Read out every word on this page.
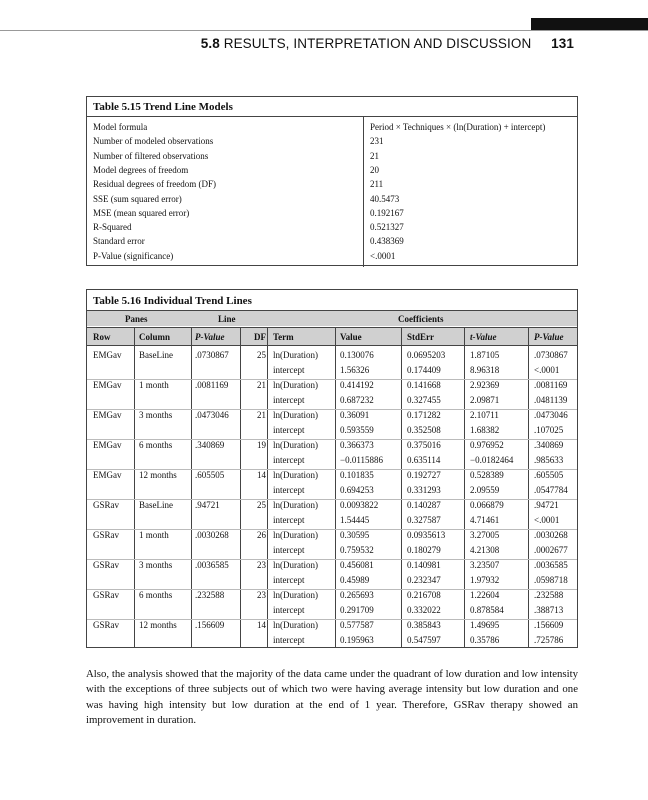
5.8 RESULTS, INTERPRETATION AND DISCUSSION 131
Table 5.15 Trend Line Models
Model formula	Period × Techniques × (ln(Duration) + intercept)
Number of modeled observations	231
Number of filtered observations	21
Model degrees of freedom	20
Residual degrees of freedom (DF)	211
SSE (sum squared error)	40.5473
MSE (mean squared error)	0.192167
R-Squared	0.521327
Standard error	0.438369
P-Value (significance)	<.0001
Table 5.16 Individual Trend Lines
Panes	Line	Coefficients
Row	Column	P-Value	DF Term	Value	StdErr	t-Value	P-Value
EMGav	BaseLine	.0730867	25 ln(Duration)	0.130076	0.0695203	1.87105	.0730867
intercept	1.56326	0.174409	8.96318	<.0001
EMGav	1 month	.0081169	21 ln(Duration)	0.414192	0.141668	2.92369	.0081169
intercept	0.687232	0.327455	2.09871	.0481139
EMGav	3 months	.0473046	21 ln(Duration)	0.36091	0.171282	2.10711	.0473046
intercept	0.593559	0.352508	1.68382	.107025
EMGav	6 months	.340869	19 ln(Duration)	0.366373	0.375016	0.976952	.340869
intercept	−0.0115886	0.635114	−0.0182464	.985633
EMGav	12 months	.605505	14 ln(Duration)	0.101835	0.192727	0.528389	.605505
intercept	0.694253	0.331293	2.09559	.0547784
GSRav	BaseLine	.94721	25 ln(Duration)	0.0093822	0.140287	0.066879	.94721
intercept	1.54445	0.327587	4.71461	<.0001
GSRav	1 month	.0030268	26 ln(Duration)	0.30595	0.0935613	3.27005	.0030268
intercept	0.759532	0.180279	4.21308	.0002677
GSRav	3 months	.0036585	23 ln(Duration)	0.456081	0.140981	3.23507	.0036585
intercept	0.45989	0.232347	1.97932	.0598718
GSRav	6 months	.232588	23 ln(Duration)	0.265693	0.216708	1.22604	.232588
intercept	0.291709	0.332022	0.878584	.388713
GSRav	12 months	.156609	14 ln(Duration)	0.577587	0.385843	1.49695	.156609
intercept	0.195963	0.547597	0.35786	.725786
Also, the analysis showed that the majority of the data came under the quadrant of low duration and low intensity with the exceptions of three subjects out of which two were having average intensity but low duration and one was having high intensity but low duration at the end of 1 year. Therefore, GSRav therapy showed an improvement in duration.
